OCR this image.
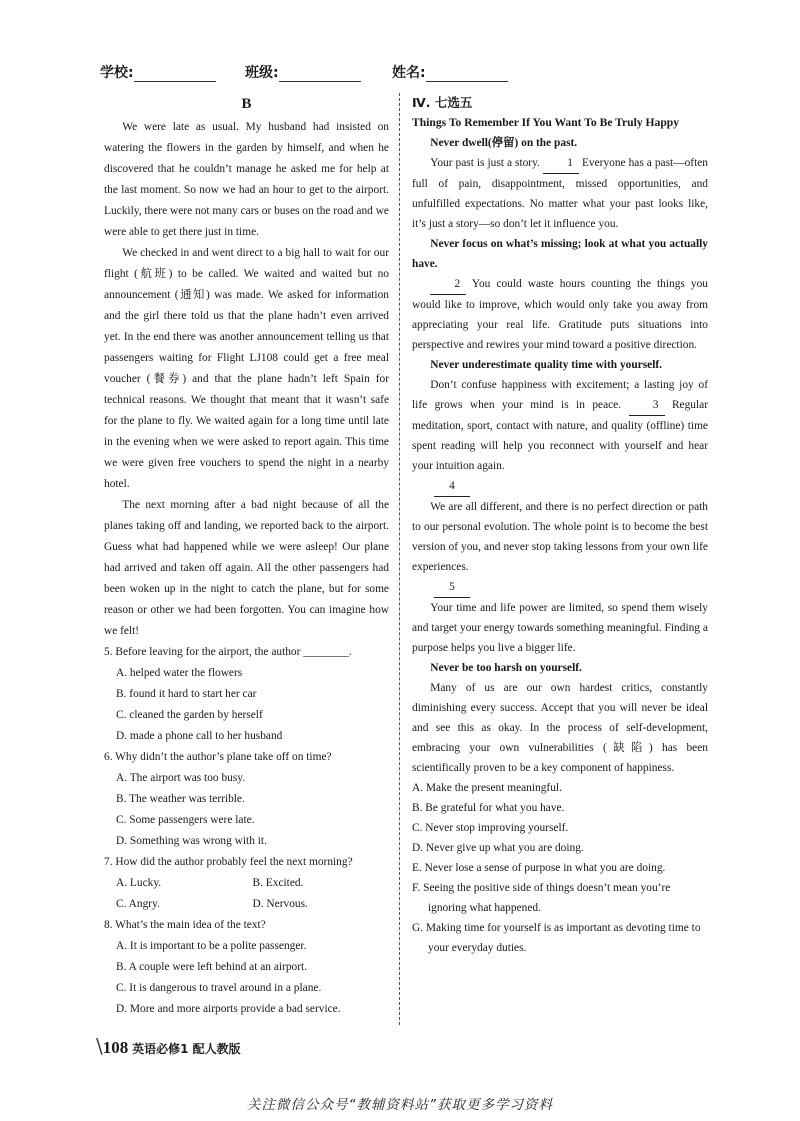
学校:	班级:	姓名:
B

We were late as usual. My husband had insisted on watering the flowers in the garden by himself, and when he discovered that he couldn’t manage he asked me for help at the last moment. So now we had an hour to get to the airport. Luckily, there were not many cars or buses on the road and we were able to get there just in time.

We checked in and went direct to a big hall to wait for our flight (航班) to be called. We waited and waited but no announcement (通知) was made. We asked for information and the girl there told us that the plane hadn’t even arrived yet. In the end there was another announcement telling us that passengers waiting for Flight LJ108 could get a free meal voucher (餐券) and that the plane hadn’t left Spain for technical reasons. We thought that meant that it wasn’t safe for the plane to fly. We waited again for a long time until late in the evening when we were asked to report again. This time we were given free vouchers to spend the night in a nearby hotel.

The next morning after a bad night because of all the planes taking off and landing, we reported back to the airport. Guess what had happened while we were asleep! Our plane had arrived and taken off again. All the other passengers had been woken up in the night to catch the plane, but for some reason or other we had been forgotten. You can imagine how we felt!

5. Before leaving for the airport, the author ________.

A. helped water the flowers

B. found it hard to start her car

C. cleaned the garden by herself

D. made a phone call to her husband

6. Why didn’t the author’s plane take off on time?

A. The airport was too busy.

B. The weather was terrible.

C. Some passengers were late.

D. Something was wrong with it.

7. How did the author probably feel the next morning?

A. Lucky.	B. Excited.
C. Angry.	D. Nervous.

8. What’s the main idea of the text?

A. It is important to be a polite passenger.

B. A couple were left behind at an airport.

C. It is dangerous to travel around in a plane.

D. More and more airports provide a bad service.

Ⅳ. 七选五
Things To Remember If You Want To Be Truly Happy

Never dwell(停留) on the past.

Your past is just a story. 1 Everyone has a past—often full of pain, disappointment, missed opportunities, and unfulfilled expectations. No matter what your past looks like, it’s just a story—so don’t let it influence you.

Never focus on what’s missing; look at what you actually have.

2 You could waste hours counting the things you would like to improve, which would only take you away from appreciating your real life. Gratitude puts situations into perspective and rewires your mind toward a positive direction.

Never underestimate quality time with yourself.

Don’t confuse happiness with excitement; a lasting joy of life grows when your mind is in peace.	3 Regular meditation, sport, contact with nature, and quality (offline) time spent reading will help you reconnect with yourself and hear your intuition again.

4

We are all different, and there is no perfect direction or path to our personal evolution. The whole point is to become the best version of you, and never stop taking lessons from your own life experiences.

5

Your time and life power are limited, so spend them wisely and target your energy towards something meaningful. Finding a purpose helps you live a bigger life.

Never be too harsh on yourself.

Many of us are our own hardest critics, constantly diminishing every success. Accept that you will never be ideal and see this as okay. In the process of self-development, embracing your own vulnerabilities (缺陷) has been scientifically proven to be a key component of happiness.

A. Make the present meaningful.

B. Be grateful for what you have.

C. Never stop improving yourself.

D. Never give up what you are doing.

E. Never lose a sense of purpose in what you are doing.

F. Seeing the positive side of things doesn’t mean you’re ignoring what happened.

G. Making time for yourself is as important as devoting time to your everyday duties.

\108 英语必修1 配人教版
关注微信公众号“教辅资料站”获取更多学习资料
